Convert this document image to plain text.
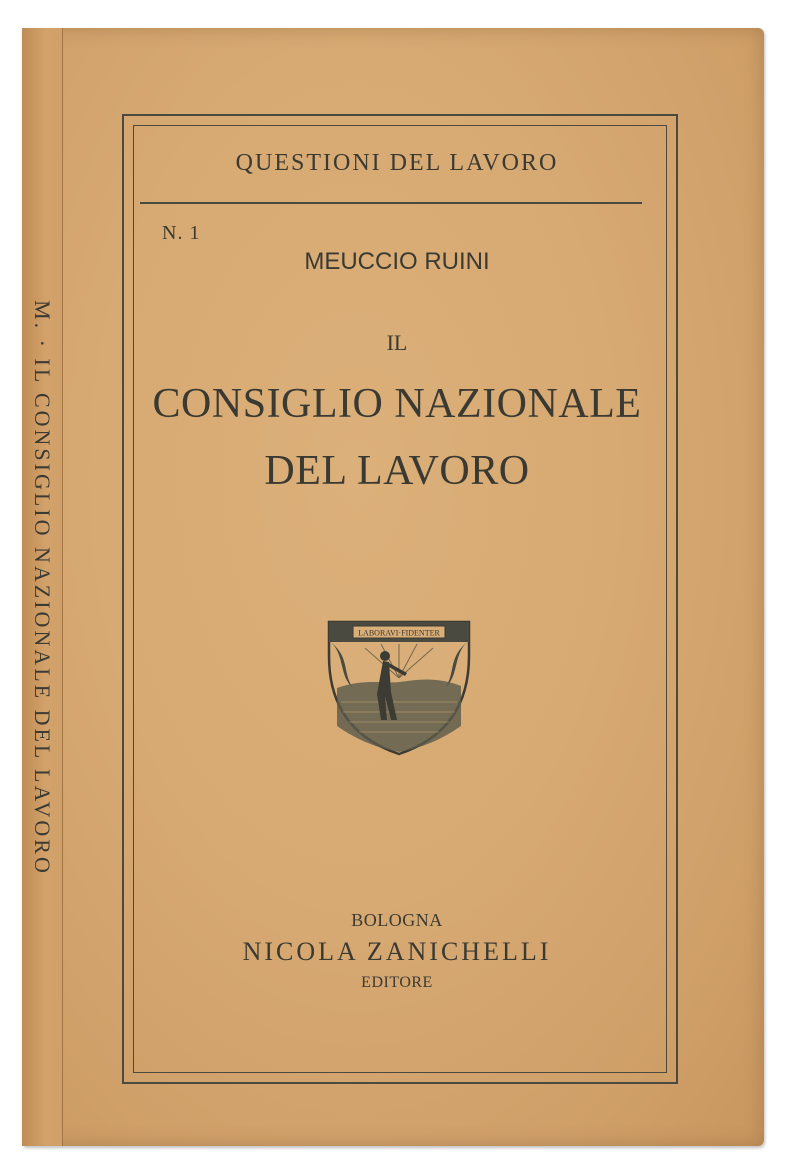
M. · IL CONSIGLIO NAZIONALE DEL LAVORO
QUESTIONI DEL LAVORO
N. 1
MEUCCIO RUINI
IL
CONSIGLIO NAZIONALE
DEL LAVORO
LABORAVI·FIDENTER
BOLOGNA
NICOLA ZANICHELLI
EDITORE
